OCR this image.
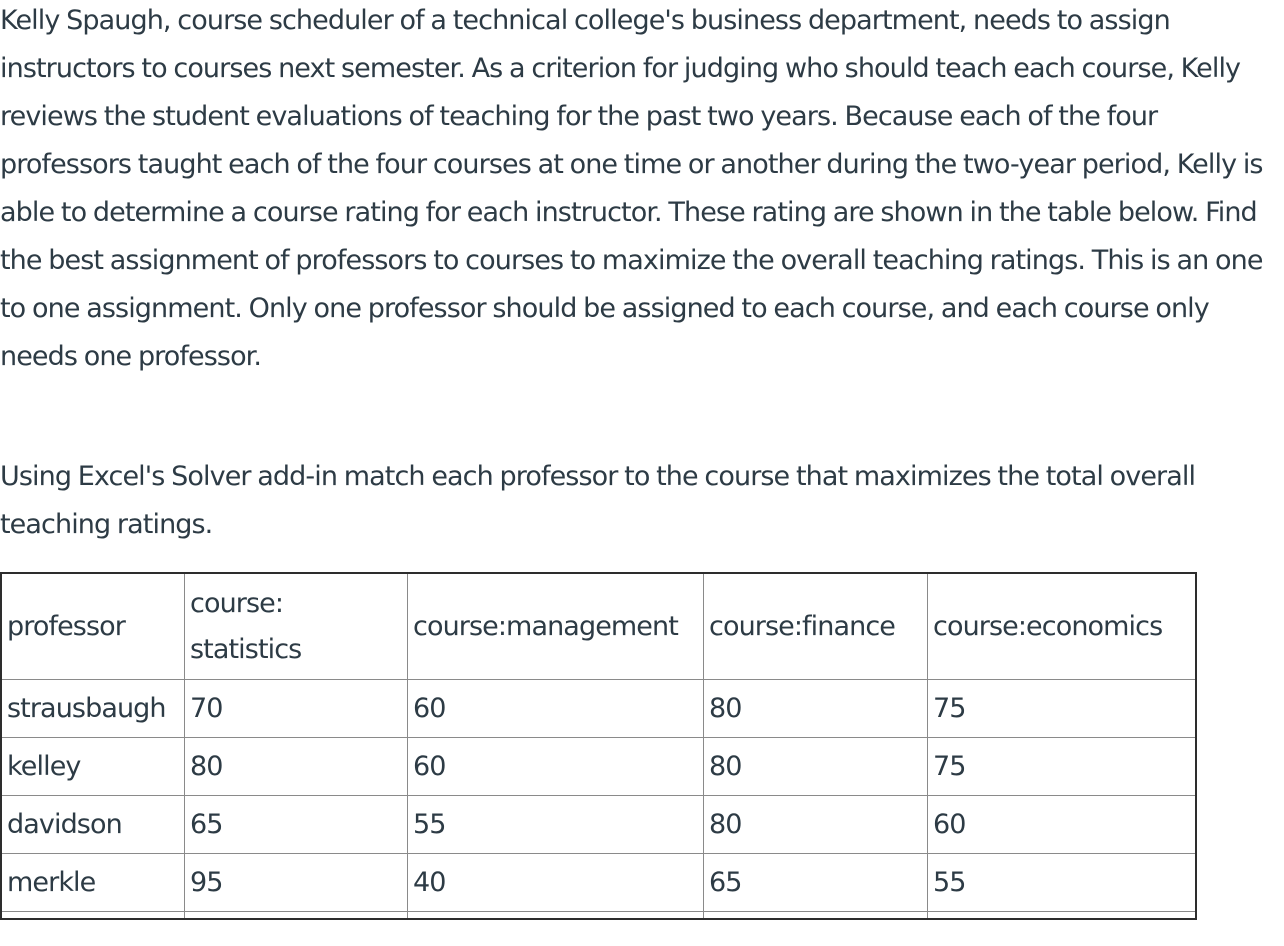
Kelly Spaugh, course scheduler of a technical college's business department, needs to assign instructors to courses next semester. As a criterion for judging who should teach each course, Kelly reviews the student evaluations of teaching for the past two years. Because each of the four professors taught each of the four courses at one time or another during the two-year period, Kelly is able to determine a course rating for each instructor. These rating are shown in the table below. Find the best assignment of professors to courses to maximize the overall teaching ratings. This is an one to one assignment. Only one professor should be assigned to each course, and each course only needs one professor.

Using Excel's Solver add-in match each professor to the course that maximizes the total overall teaching ratings.

professor	course: statistics	course:management	course:finance	course:economics
strausbaugh	70	60	80	75
kelley	80	60	80	75
davidson	65	55	80	60
merkle	95	40	65	55
